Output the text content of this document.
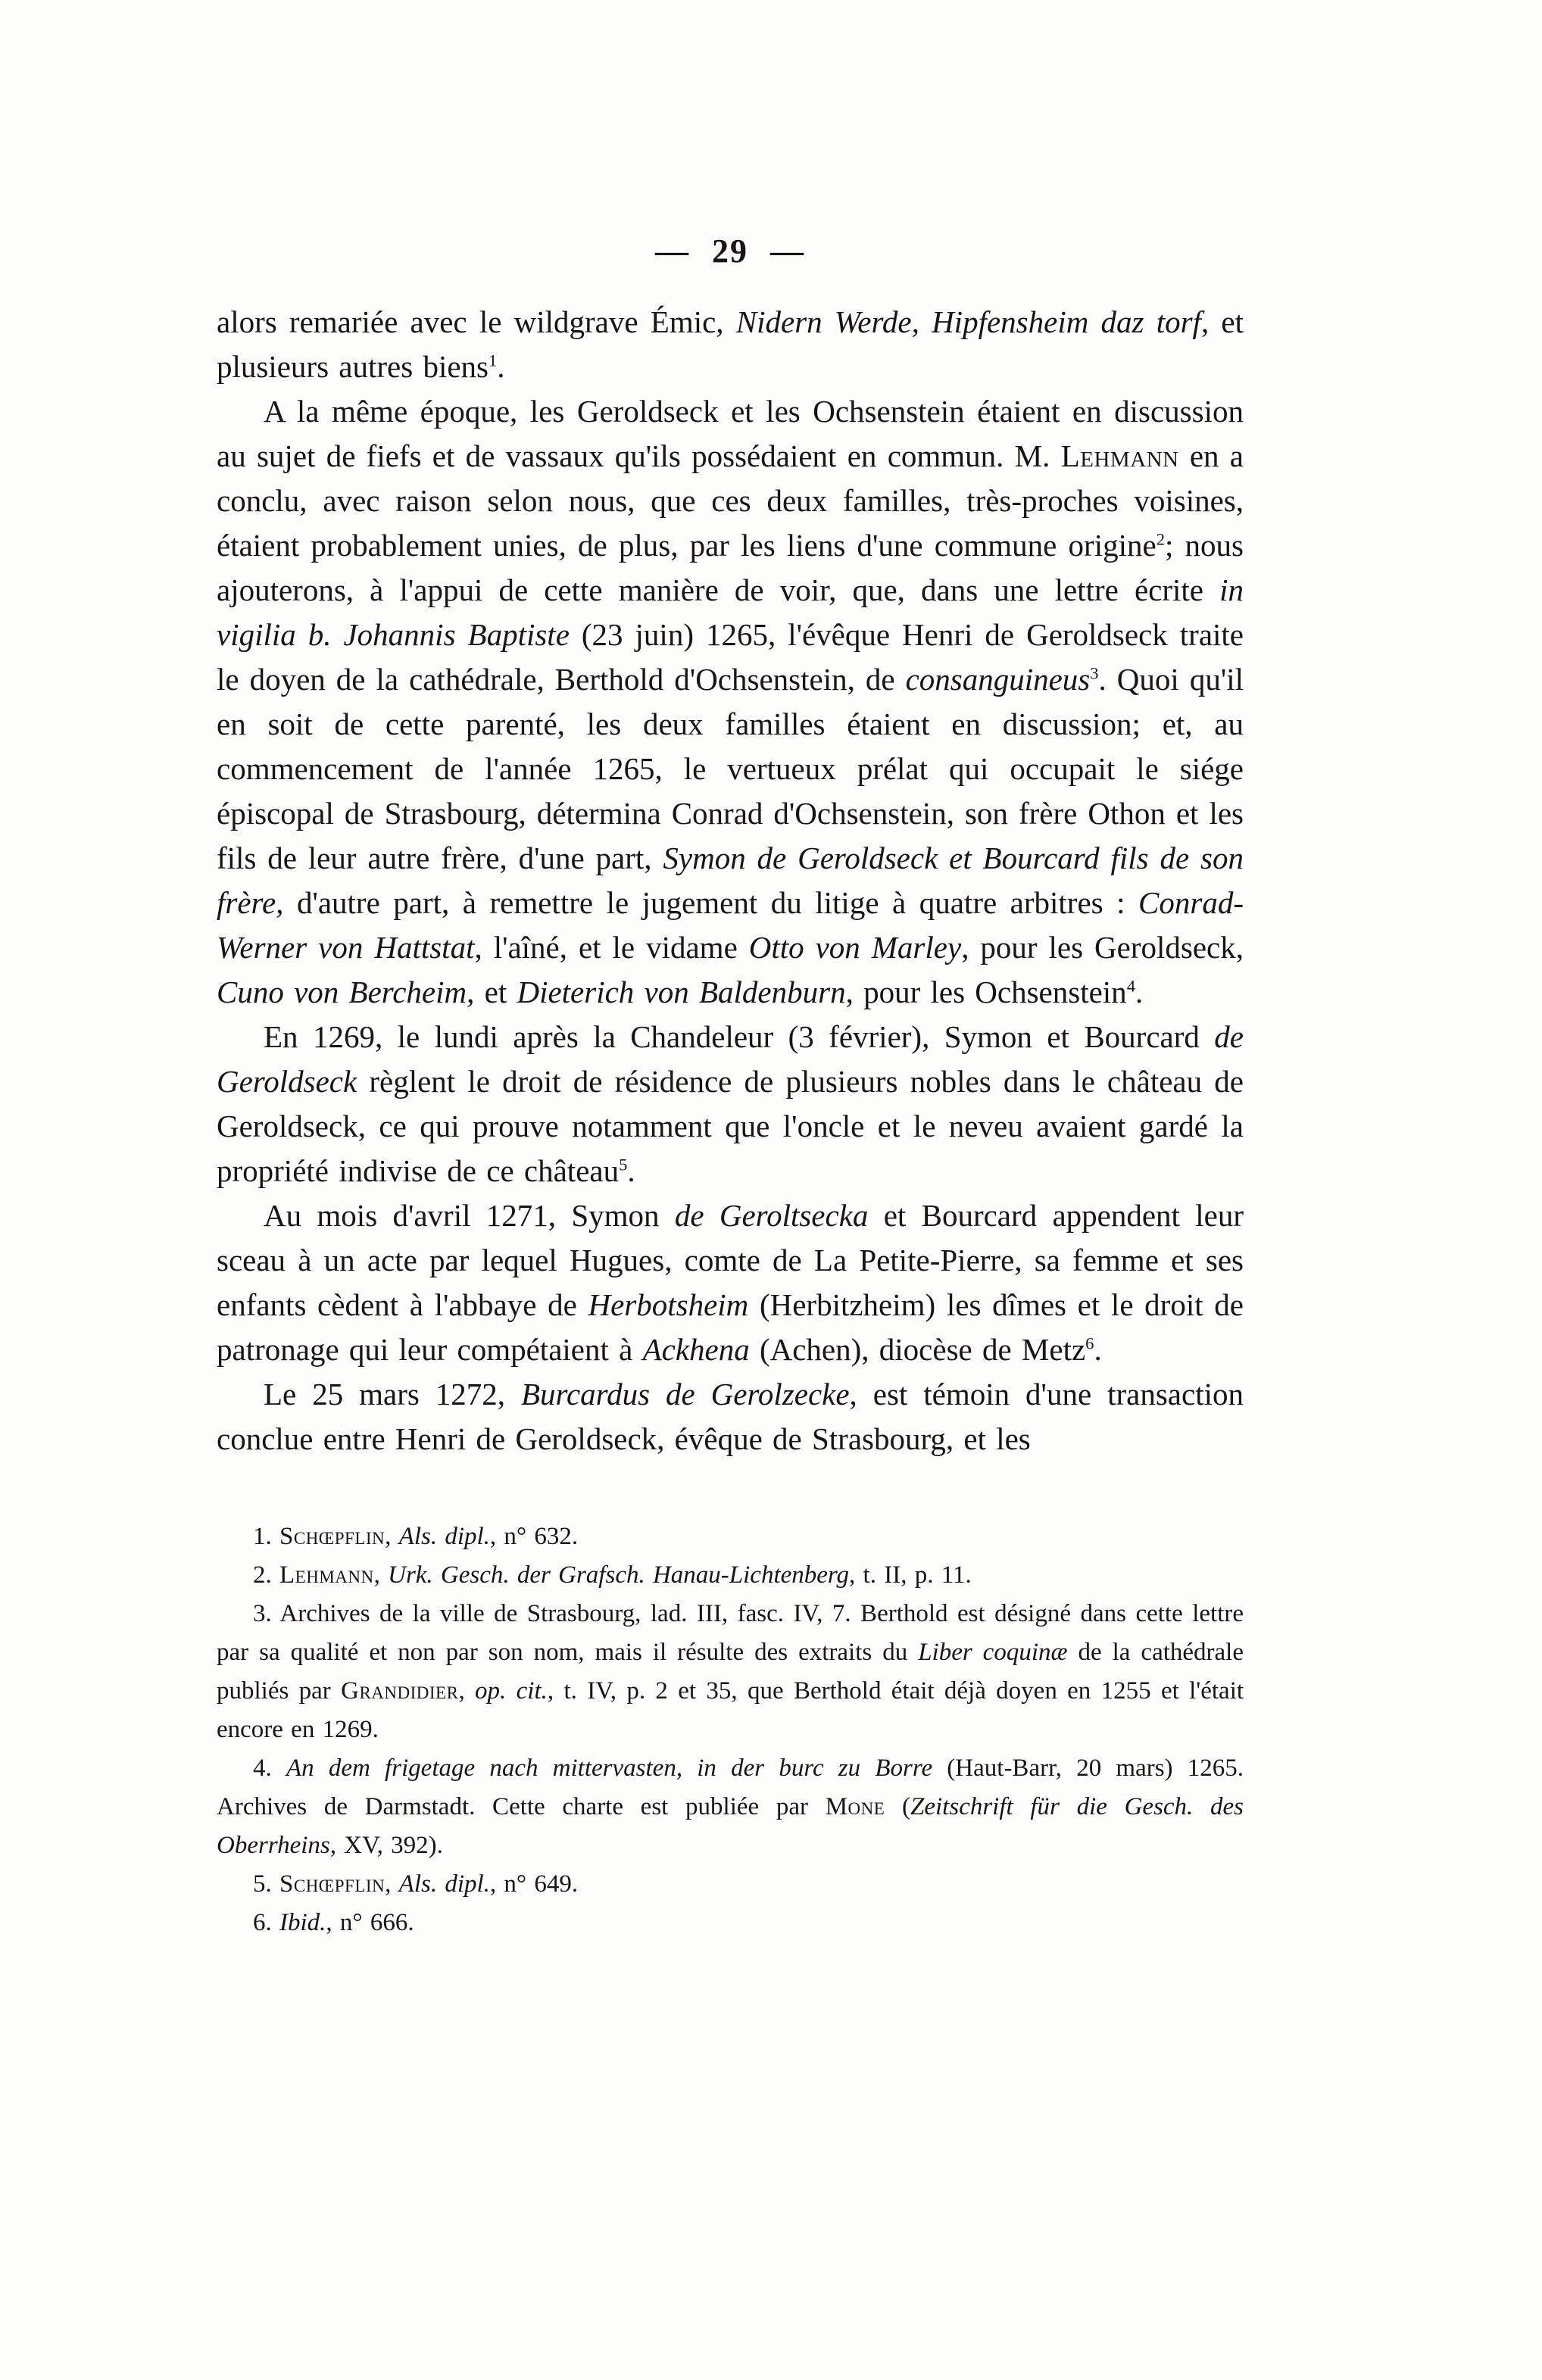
— 29 —

alors remariée avec le wildgrave Émic, Nidern Werde, Hipfensheim daz torf, et plusieurs autres biens$^1$.

A la même époque, les Geroldseck et les Ochsenstein étaient en discussion au sujet de fiefs et de vassaux qu'ils possédaient en commun. M. Lehmann en a conclu, avec raison selon nous, que ces deux familles, très-proches voisines, étaient probablement unies, de plus, par les liens d'une commune origine$^2$; nous ajouterons, à l'appui de cette manière de voir, que, dans une lettre écrite in vigilia b. Johannis Baptiste (23 juin) 1265, l'évêque Henri de Geroldseck traite le doyen de la cathédrale, Berthold d'Ochsenstein, de consanguineus$^3$. Quoi qu'il en soit de cette parenté, les deux familles étaient en discussion; et, au commencement de l'année 1265, le vertueux prélat qui occupait le siége épiscopal de Strasbourg, détermina Conrad d'Ochsenstein, son frère Othon et les fils de leur autre frère, d'une part, Symon de Geroldseck et Bourcard fils de son frère, d'autre part, à remettre le jugement du litige à quatre arbitres : Conrad-Werner von Hattstat, l'aîné, et le vidame Otto von Marley, pour les Geroldseck, Cuno von Bercheim, et Dieterich von Baldenburn, pour les Ochsenstein$^4$.

En 1269, le lundi après la Chandeleur (3 février), Symon et Bourcard de Geroldseck règlent le droit de résidence de plusieurs nobles dans le château de Geroldseck, ce qui prouve notamment que l'oncle et le neveu avaient gardé la propriété indivise de ce château$^5$.

Au mois d'avril 1271, Symon de Geroltsecka et Bourcard appendent leur sceau à un acte par lequel Hugues, comte de La Petite-Pierre, sa femme et ses enfants cèdent à l'abbaye de Herbotsheim (Herbitzheim) les dîmes et le droit de patronage qui leur compétaient à Ackhena (Achen), diocèse de Metz$^6$.

Le 25 mars 1272, Burcardus de Gerolzecke, est témoin d'une transaction conclue entre Henri de Geroldseck, évêque de Strasbourg, et les

1. Schœpflin, Als. dipl., n° 632.

2. Lehmann, Urk. Gesch. der Grafsch. Hanau-Lichtenberg, t. II, p. 11.

3. Archives de la ville de Strasbourg, lad. III, fasc. IV, 7. Berthold est désigné dans cette lettre par sa qualité et non par son nom, mais il résulte des extraits du Liber coquinæ de la cathédrale publiés par Grandidier, op. cit., t. IV, p. 2 et 35, que Berthold était déjà doyen en 1255 et l'était encore en 1269.

4. An dem frigetage nach mittervasten, in der burc zu Borre (Haut-Barr, 20 mars) 1265. Archives de Darmstadt. Cette charte est publiée par Mone (Zeitschrift für die Gesch. des Oberrheins, XV, 392).

5. Schœpflin, Als. dipl., n° 649.

6. Ibid., n° 666.
